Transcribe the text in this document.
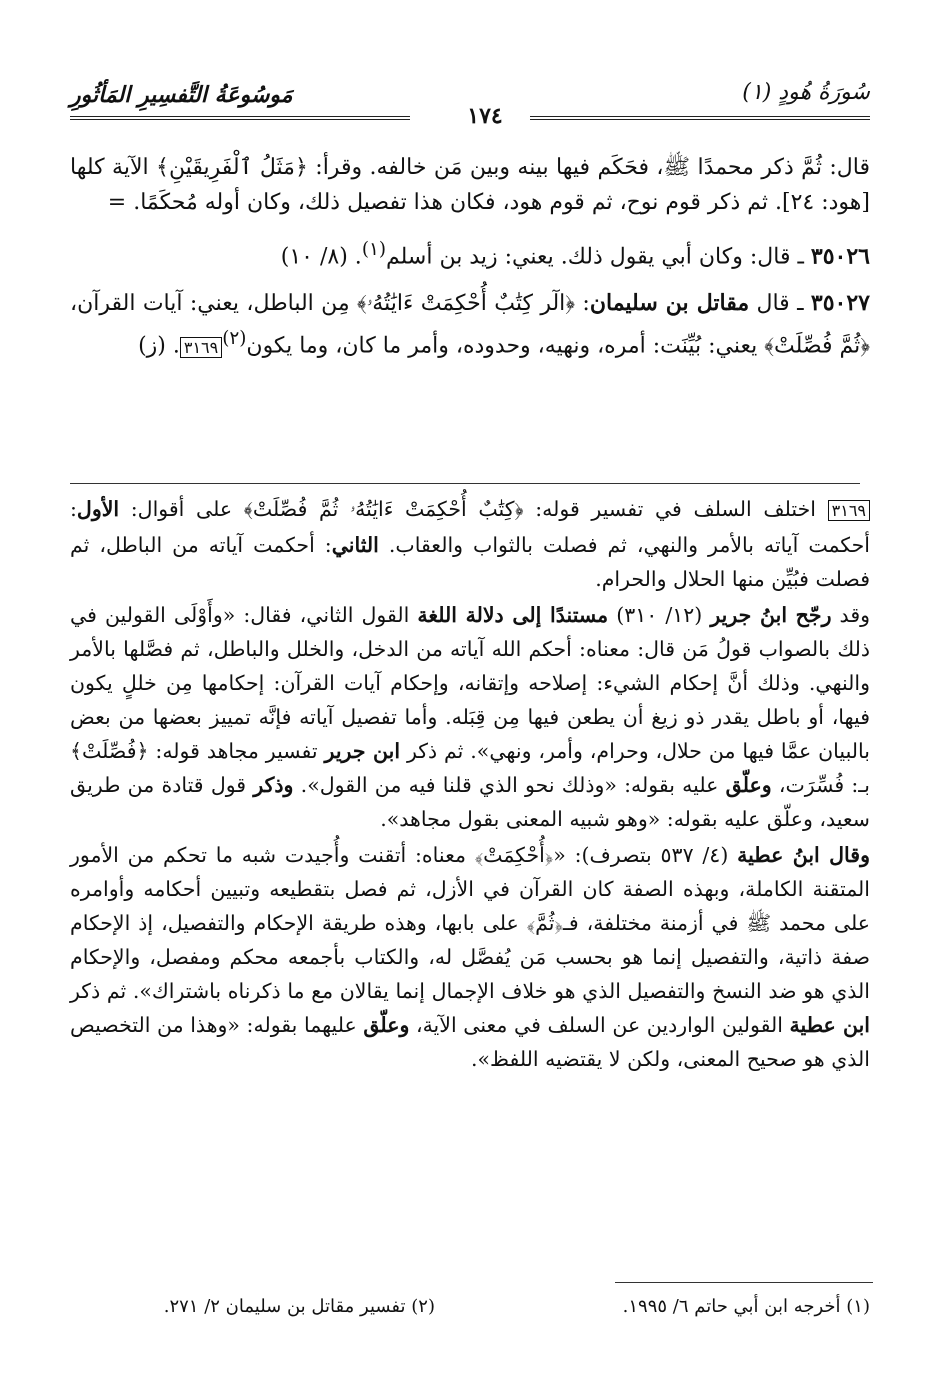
سُورَةُ هُودٍ (١)
مَوسُوعَةُ التَّفسِيرِ المَأثُورِ
١٧٤

قال: ثُمَّ ذكر محمدًا ﷺ، فحَكَم فيها بينه وبين مَن خالفه. وقرأ: ﴿مَثَلُ ٱلْفَرِيقَيْنِ﴾ الآية كلها [هود: ٢٤]. ثم ذكر قوم نوح، ثم قوم هود، فكان هذا تفصيل ذلك، وكان أوله مُحكَمًا. =

٣٥٠٢٦ ـ قال: وكان أبي يقول ذلك. يعني: زيد بن أسلم$^{(١)}$. (٨/ ١٠)

٣٥٠٢٧ ـ قال مقاتل بن سليمان: ﴿الٓر كِتَٰبٌ أُحْكِمَتْ ءَايَٰتُهُۥ﴾ مِن الباطل، يعني: آيات القرآن، ﴿ثُمَّ فُصِّلَتْ﴾ يعني: بُيِّنَت: أمره، ونهيه، وحدوده، وأمر ما كان، وما يكون$^{(٢)}$٣١٦٩. (ز)

٣١٦٩ اختلف السلف في تفسير قوله: ﴿كِتَٰبٌ أُحْكِمَتْ ءَايَٰتُهُۥ ثُمَّ فُصِّلَتْ﴾ على أقوال: الأول: أحكمت آياته بالأمر والنهي، ثم فصلت بالثواب والعقاب. الثاني: أحكمت آياته من الباطل، ثم فصلت فبُيِّن منها الحلال والحرام.

وقد رجّح ابنُ جرير (١٢/ ٣١٠) مستندًا إلى دلالة اللغة القول الثاني، فقال: «وأَوْلَى القولين في ذلك بالصواب قولُ مَن قال: معناه: أحكم الله آياته من الدخل، والخلل والباطل، ثم فصَّلها بالأمر والنهي. وذلك أنَّ إحكام الشيء: إصلاحه وإتقانه، وإحكام آيات القرآن: إحكامها مِن خللٍ يكون فيها، أو باطل يقدر ذو زيغ أن يطعن فيها مِن قِبَله. وأما تفصيل آياته فإنَّه تمييز بعضها من بعض بالبيان عمَّا فيها من حلال، وحرام، وأمر، ونهي». ثم ذكر ابن جرير تفسير مجاهد قوله: ﴿فُصِّلَتْ﴾ بـ: فُسِّرَت، وعلّق عليه بقوله: «وذلك نحو الذي قلنا فيه من القول». وذكر قول قتادة من طريق سعيد، وعلّق عليه بقوله: «وهو شبيه المعنى بقول مجاهد».

وقال ابنُ عطية (٤/ ٥٣٧ بتصرف): «﴿أُحْكِمَتْ﴾ معناه: أتقنت وأُجيدت شبه ما تحكم من الأمور المتقنة الكاملة، وبهذه الصفة كان القرآن في الأزل، ثم فصل بتقطيعه وتبيين أحكامه وأوامره على محمد ﷺ في أزمنة مختلفة، فـ﴿ثُمَّ﴾ على بابها، وهذه طريقة الإحكام والتفصيل، إذ الإحكام صفة ذاتية، والتفصيل إنما هو بحسب مَن يُفصَّل له، والكتاب بأجمعه محكم ومفصل، والإحكام الذي هو ضد النسخ والتفصيل الذي هو خلاف الإجمال إنما يقالان مع ما ذكرناه باشتراك». ثم ذكر ابن عطية القولين الواردين عن السلف في معنى الآية، وعلّق عليهما بقوله: «وهذا من التخصيص الذي هو صحيح المعنى، ولكن لا يقتضيه اللفظ».

(١) أخرجه ابن أبي حاتم ٦/ ١٩٩٥.
(٢) تفسير مقاتل بن سليمان ٢/ ٢٧١.
